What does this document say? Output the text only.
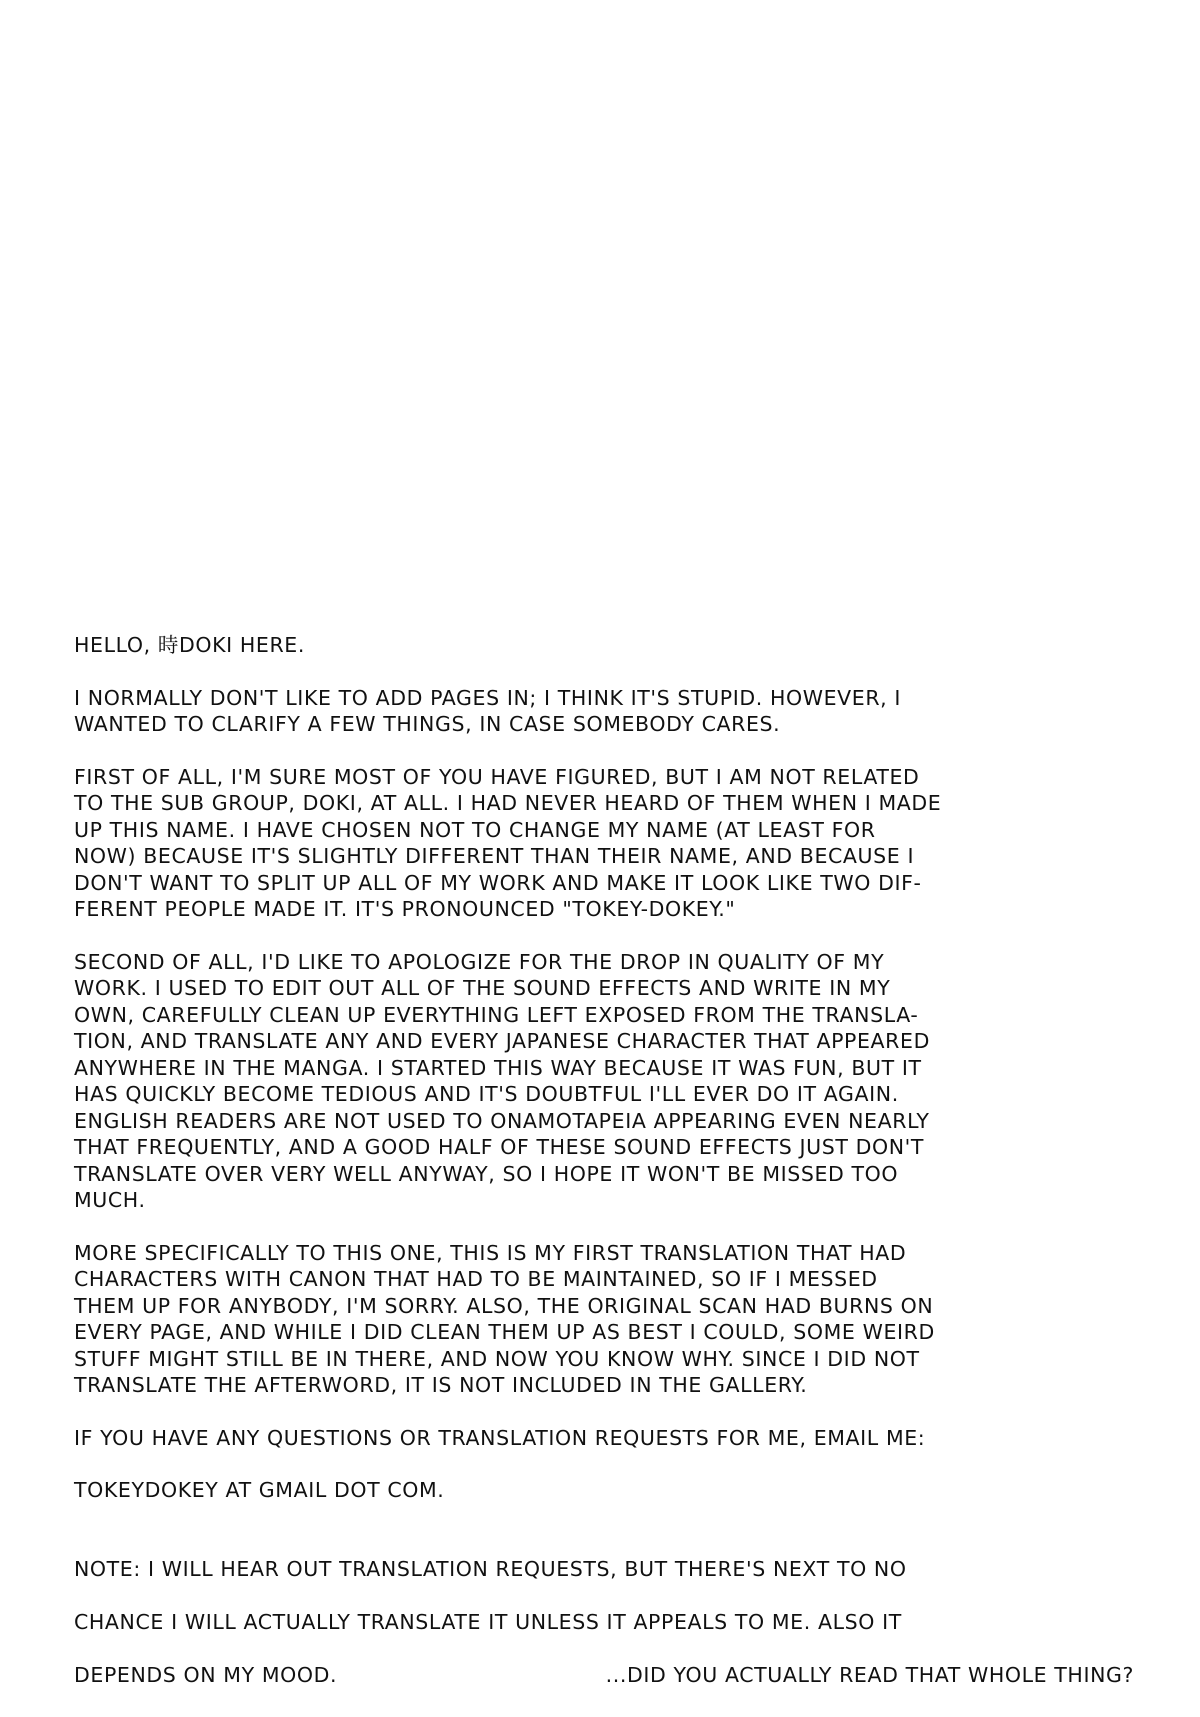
HELLO, 時DOKI HERE.

I NORMALLY DON'T LIKE TO ADD PAGES IN; I THINK IT'S STUPID. HOWEVER, I
WANTED TO CLARIFY A FEW THINGS, IN CASE SOMEBODY CARES.

FIRST OF ALL, I'M SURE MOST OF YOU HAVE FIGURED, BUT I AM NOT RELATED
TO THE SUB GROUP, DOKI, AT ALL. I HAD NEVER HEARD OF THEM WHEN I MADE
UP THIS NAME. I HAVE CHOSEN NOT TO CHANGE MY NAME (AT LEAST FOR
NOW) BECAUSE IT'S SLIGHTLY DIFFERENT THAN THEIR NAME, AND BECAUSE I
DON'T WANT TO SPLIT UP ALL OF MY WORK AND MAKE IT LOOK LIKE TWO DIF-
FERENT PEOPLE MADE IT. IT'S PRONOUNCED "TOKEY-DOKEY."

SECOND OF ALL, I'D LIKE TO APOLOGIZE FOR THE DROP IN QUALITY OF MY
WORK. I USED TO EDIT OUT ALL OF THE SOUND EFFECTS AND WRITE IN MY
OWN, CAREFULLY CLEAN UP EVERYTHING LEFT EXPOSED FROM THE TRANSLA-
TION, AND TRANSLATE ANY AND EVERY JAPANESE CHARACTER THAT APPEARED
ANYWHERE IN THE MANGA. I STARTED THIS WAY BECAUSE IT WAS FUN, BUT IT
HAS QUICKLY BECOME TEDIOUS AND IT'S DOUBTFUL I'LL EVER DO IT AGAIN.
ENGLISH READERS ARE NOT USED TO ONAMOTAPEIA APPEARING EVEN NEARLY
THAT FREQUENTLY, AND A GOOD HALF OF THESE SOUND EFFECTS JUST DON'T
TRANSLATE OVER VERY WELL ANYWAY, SO I HOPE IT WON'T BE MISSED TOO
MUCH.

MORE SPECIFICALLY TO THIS ONE, THIS IS MY FIRST TRANSLATION THAT HAD
CHARACTERS WITH CANON THAT HAD TO BE MAINTAINED, SO IF I MESSED
THEM UP FOR ANYBODY, I'M SORRY. ALSO, THE ORIGINAL SCAN HAD BURNS ON
EVERY PAGE, AND WHILE I DID CLEAN THEM UP AS BEST I COULD, SOME WEIRD
STUFF MIGHT STILL BE IN THERE, AND NOW YOU KNOW WHY. SINCE I DID NOT
TRANSLATE THE AFTERWORD, IT IS NOT INCLUDED IN THE GALLERY.

IF YOU HAVE ANY QUESTIONS OR TRANSLATION REQUESTS FOR ME, EMAIL ME:

TOKEYDOKEY AT GMAIL DOT COM.

NOTE: I WILL HEAR OUT TRANSLATION REQUESTS, BUT THERE'S NEXT TO NO

CHANCE I WILL ACTUALLY TRANSLATE IT UNLESS IT APPEALS TO ME. ALSO IT

DEPENDS ON MY MOOD.	...DID YOU ACTUALLY READ THAT WHOLE THING?
